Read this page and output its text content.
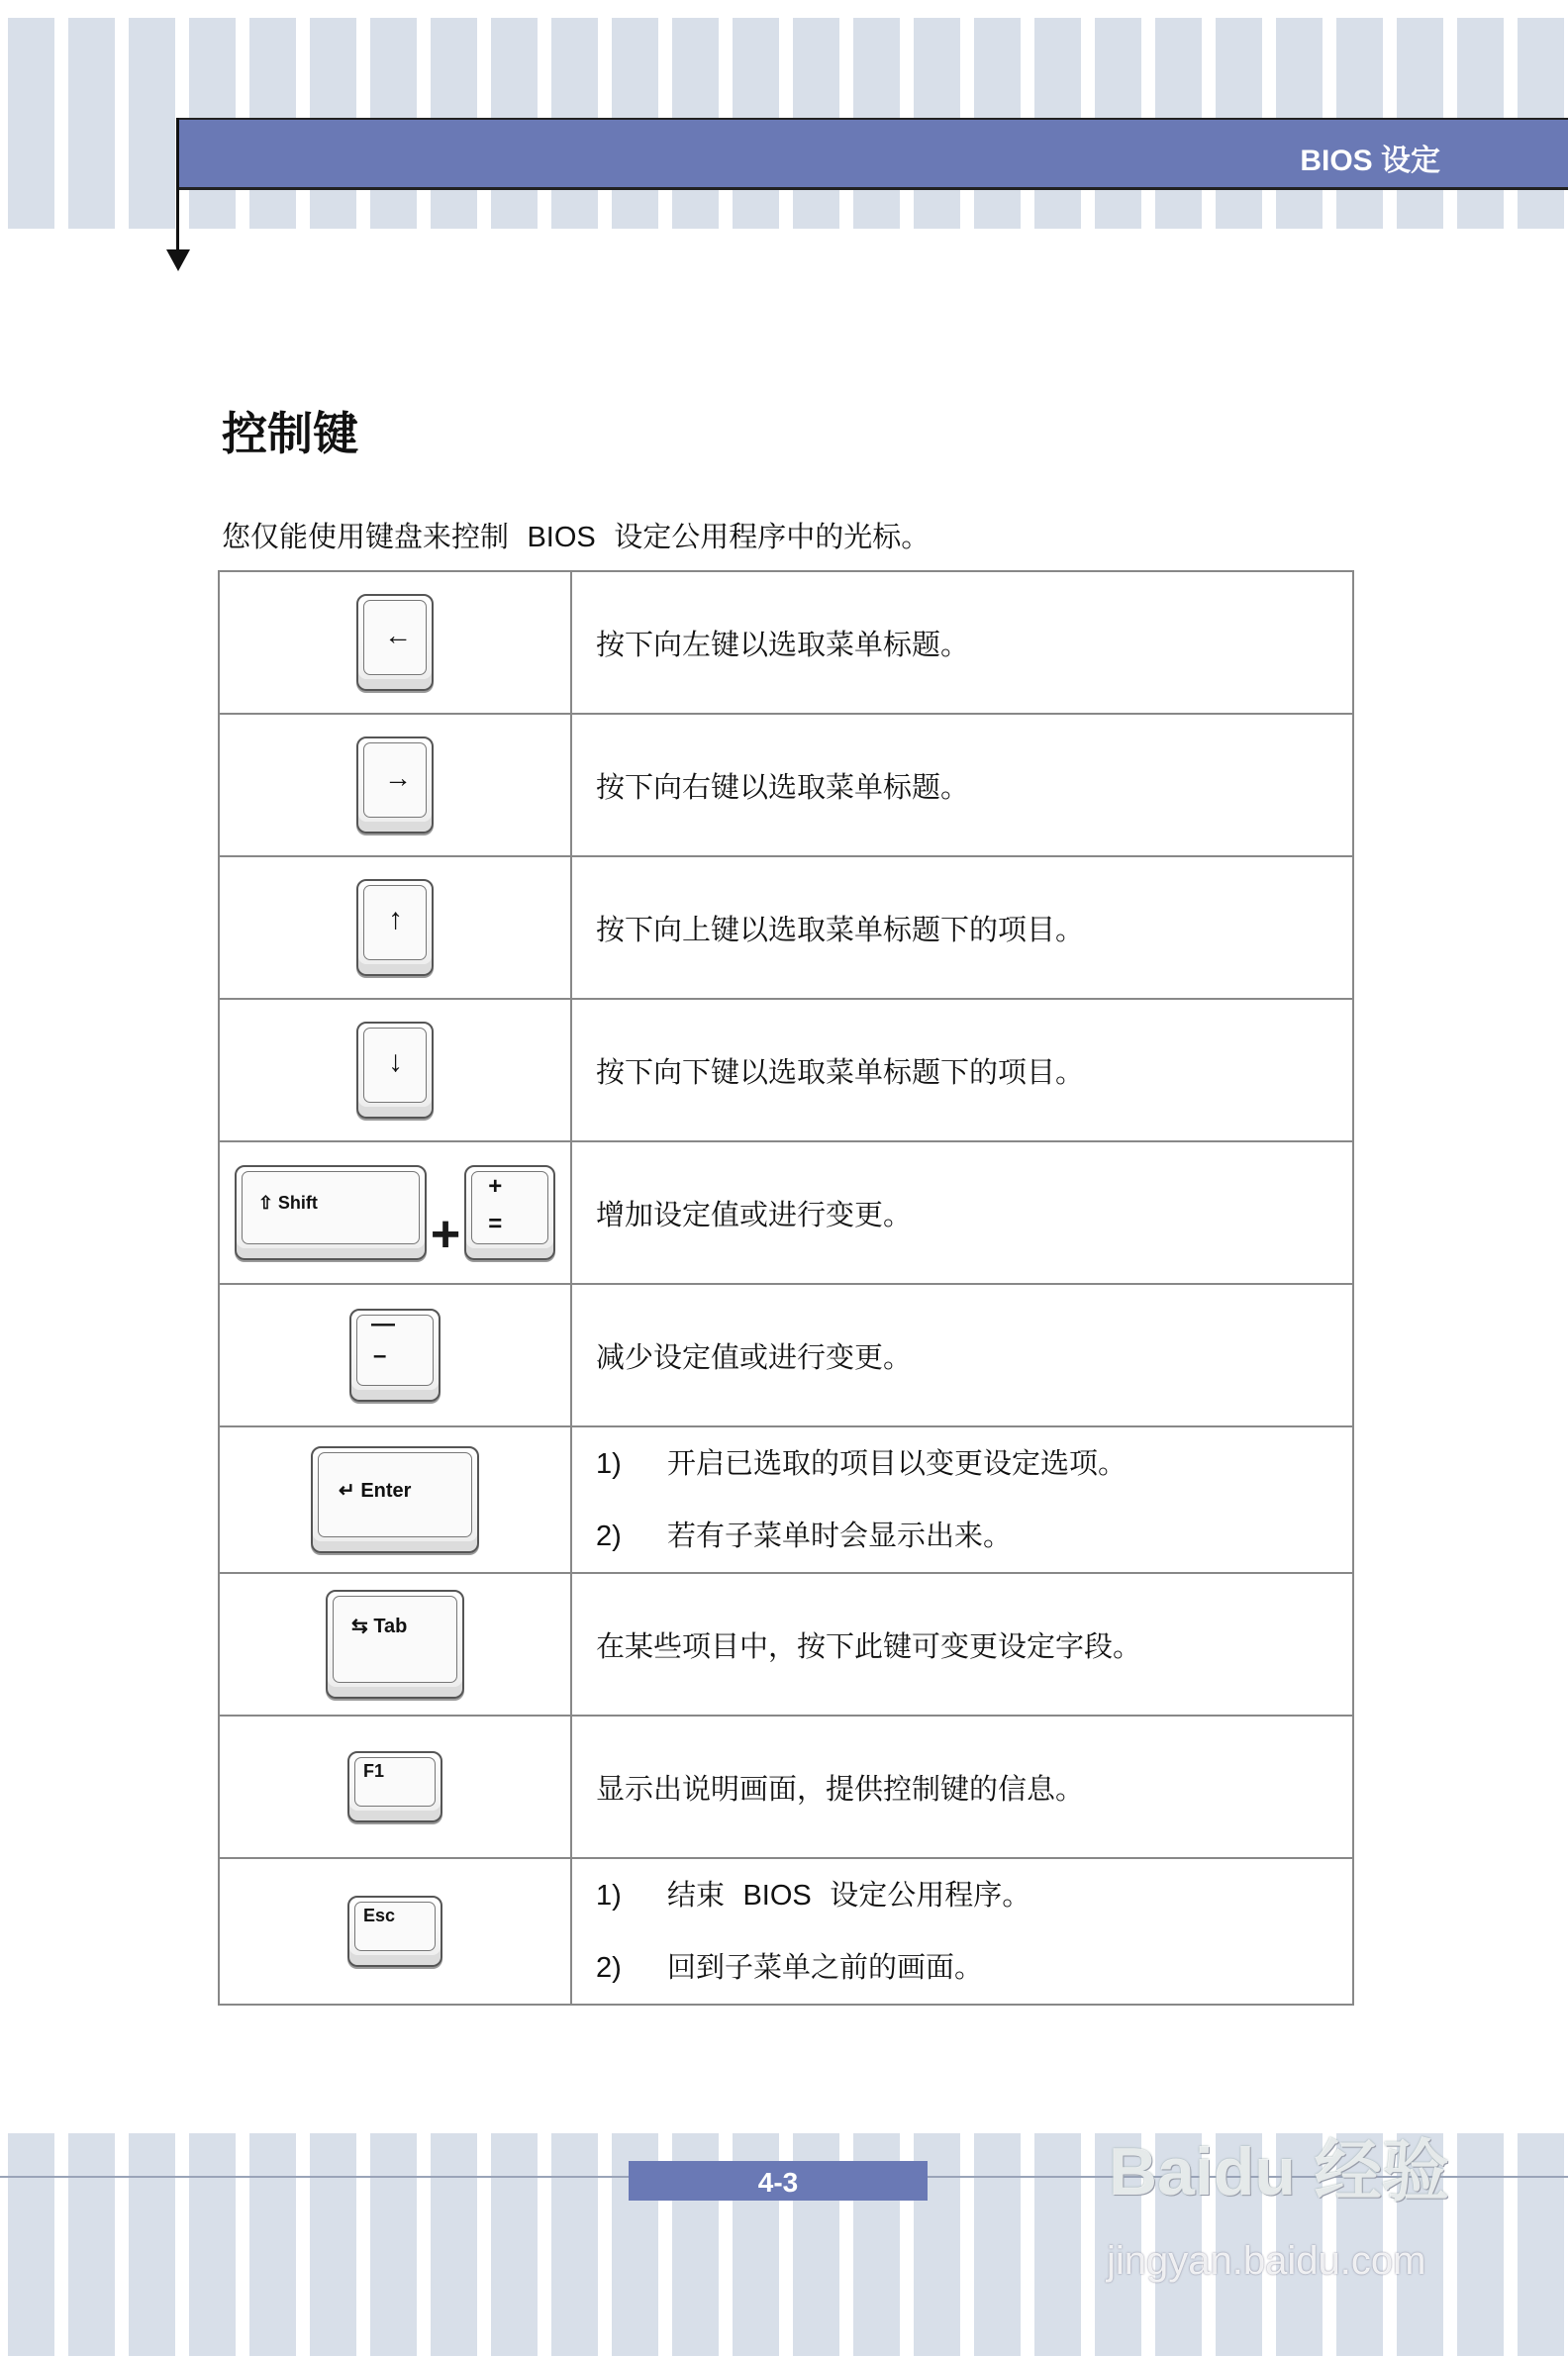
BIOS 设定
控制键
您仅能使用键盘来控制 BIOS 设定公用程序中的光标。
←	按下向左键以选取菜单标题。

→	按下向右键以选取菜单标题。

↑	按下向上键以选取菜单标题下的项目。

↓	按下向下键以选取菜单标题下的项目。

⇧ Shift
+
+
=	增加设定值或进行变更。

—
–	减少设定值或进行变更。

↵ Enter	1) 开启已选取的项目以变更设定选项。
2) 若有子菜单时会显示出来。

⇆ Tab	在某些项目中，按下此键可变更设定字段。

F1	显示出说明画面，提供控制键的信息。

Esc	1) 结束 BIOS 设定公用程序。
2) 回到子菜单之前的画面。
4-3	Baidu 经验
jingyan.baidu.com
